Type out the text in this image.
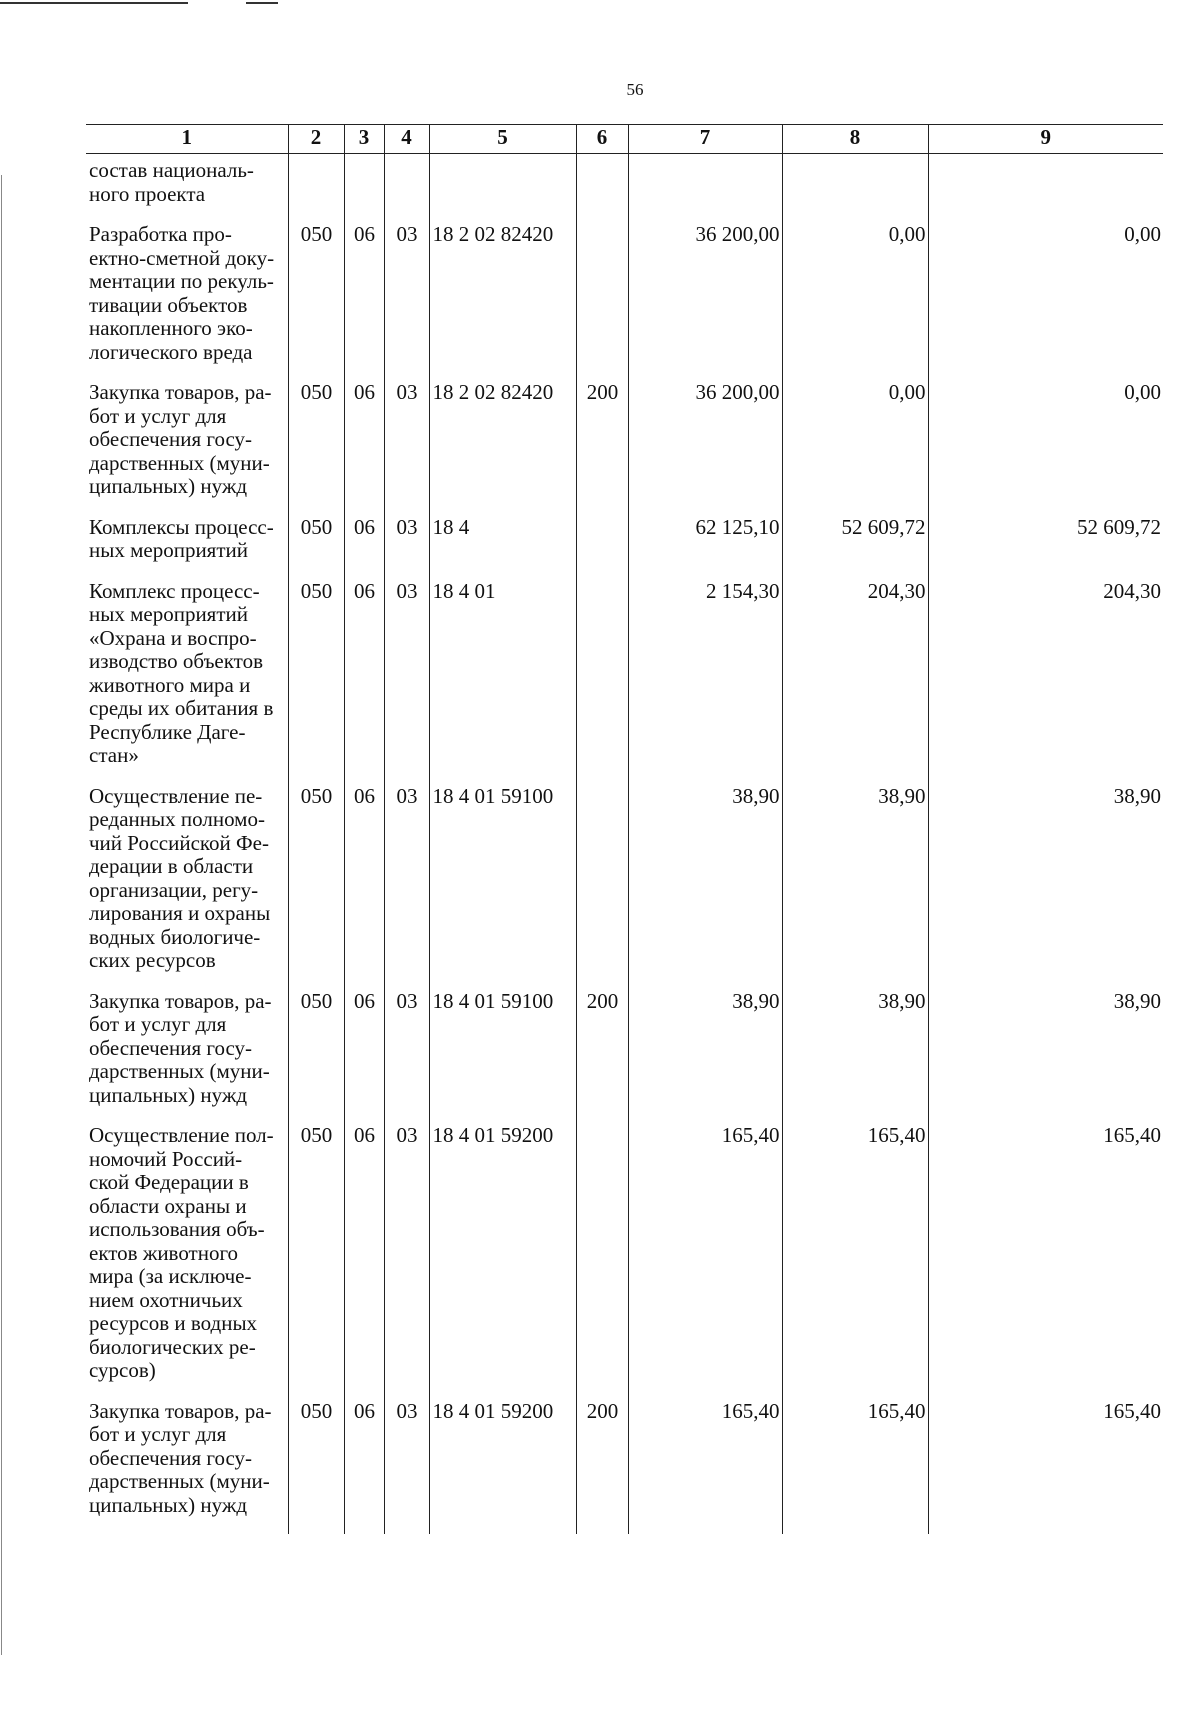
56
1	2	3	4	5	6	7	8	9
состав националь- ного проекта								
Разработка про- ектно-сметной доку- ментации по рекуль- тивации объектов накопленного эко- логического вреда	050	06	03	18 2 02 82420		36 200,00	0,00	0,00
Закупка товаров, ра- бот и услуг для обеспечения госу- дарственных (муни- ципальных) нужд	050	06	03	18 2 02 82420	200	36 200,00	0,00	0,00
Комплексы процесс- ных мероприятий	050	06	03	18 4		62 125,10	52 609,72	52 609,72
Комплекс процесс- ных мероприятий «Охрана и воспро- изводство объектов животного мира и среды их обитания в Республике Даге- стан»	050	06	03	18 4 01		2 154,30	204,30	204,30
Осуществление пе- реданных полномо- чий Российской Фе- дерации в области организации, регу- лирования и охраны водных биологиче- ских ресурсов	050	06	03	18 4 01 59100		38,90	38,90	38,90
Закупка товаров, ра- бот и услуг для обеспечения госу- дарственных (муни- ципальных) нужд	050	06	03	18 4 01 59100	200	38,90	38,90	38,90
Осуществление пол- номочий Россий- ской Федерации в области охраны и использования объ- ектов животного мира (за исключе- нием охотничьих ресурсов и водных биологических ре- сурсов)	050	06	03	18 4 01 59200		165,40	165,40	165,40
Закупка товаров, ра- бот и услуг для обеспечения госу- дарственных (муни- ципальных) нужд	050	06	03	18 4 01 59200	200	165,40	165,40	165,40
